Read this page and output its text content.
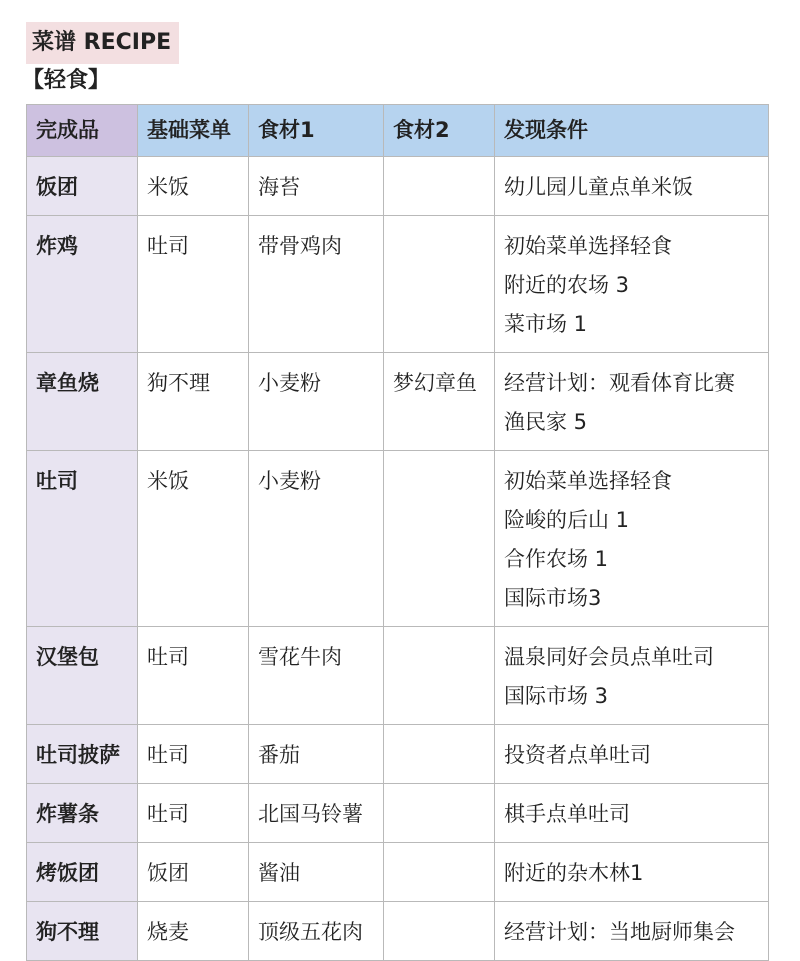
菜谱 RECIPE
【轻食】
完成品	基础菜单	食材1	食材2	发现条件
饭团	米饭	海苔		幼儿园儿童点单米饭

炸鸡	吐司	带骨鸡肉		初始菜单选择轻食
附近的农场 3
菜市场 1

章鱼烧	狗不理	小麦粉	梦幻章鱼	经营计划：观看体育比赛
渔民家 5

吐司	米饭	小麦粉		初始菜单选择轻食
险峻的后山 1
合作农场 1
国际市场3

汉堡包	吐司	雪花牛肉		温泉同好会员点单吐司
国际市场 3

吐司披萨	吐司	番茄		投资者点单吐司

炸薯条	吐司	北国马铃薯		棋手点单吐司

烤饭团	饭团	酱油		附近的杂木林1

狗不理	烧麦	顶级五花肉		经营计划：当地厨师集会
